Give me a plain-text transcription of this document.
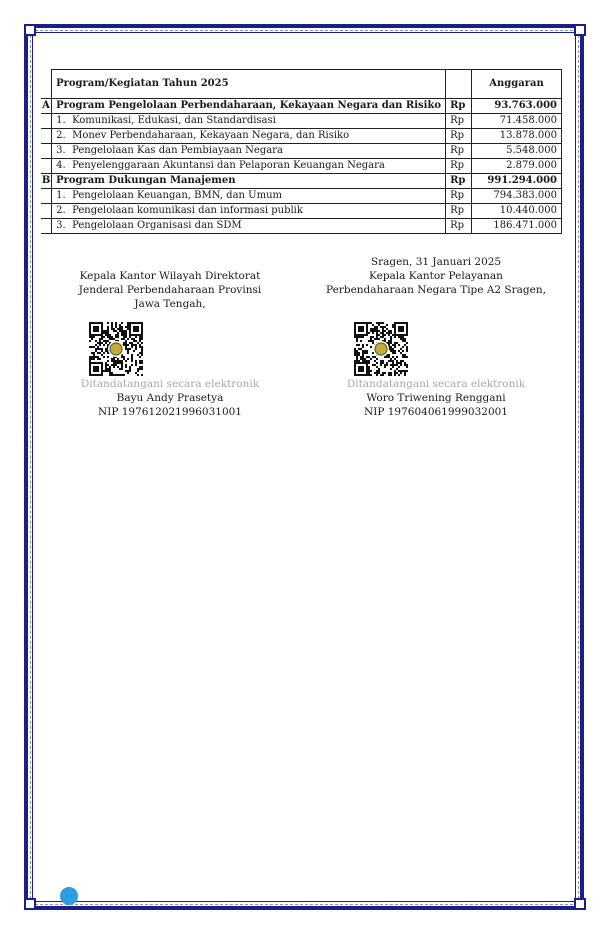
	Program/Kegiatan Tahun 2025		Anggaran
A	Program Pengelolaan Perbendaharaan, Kekayaan Negara dan Risiko	Rp	93.763.000
	1. Komunikasi, Edukasi, dan Standardisasi	Rp	71.458.000
	2. Monev Perbendaharaan, Kekayaan Negara, dan Risiko	Rp	13.878.000
	3. Pengelolaan Kas dan Pembiayaan Negara	Rp	5.548.000
	4. Penyelenggaraan Akuntansi dan Pelaporan Keuangan Negara	Rp	2.879.000
B	Program Dukungan Manajemen	Rp	991.294.000
	1. Pengelolaan Keuangan, BMN, dan Umum	Rp	794.383.000
	2. Pengelolaan komunikasi dan informasi publik	Rp	10.440.000
	3. Pengelolaan Organisasi dan SDM	Rp	186.471.000
Kepala Kantor Wilayah Direktorat
Jenderal Perbendaharaan Provinsi
Jawa Tengah,
Ditandatangani secara elektronik
Bayu Andy Prasetya
NIP 197612021996031001
Sragen, 31 Januari 2025
Kepala Kantor Pelayanan
Perbendaharaan Negara Tipe A2 Sragen,
Ditandatangani secara elektronik
Woro Triwening Renggani
NIP 197604061999032001
